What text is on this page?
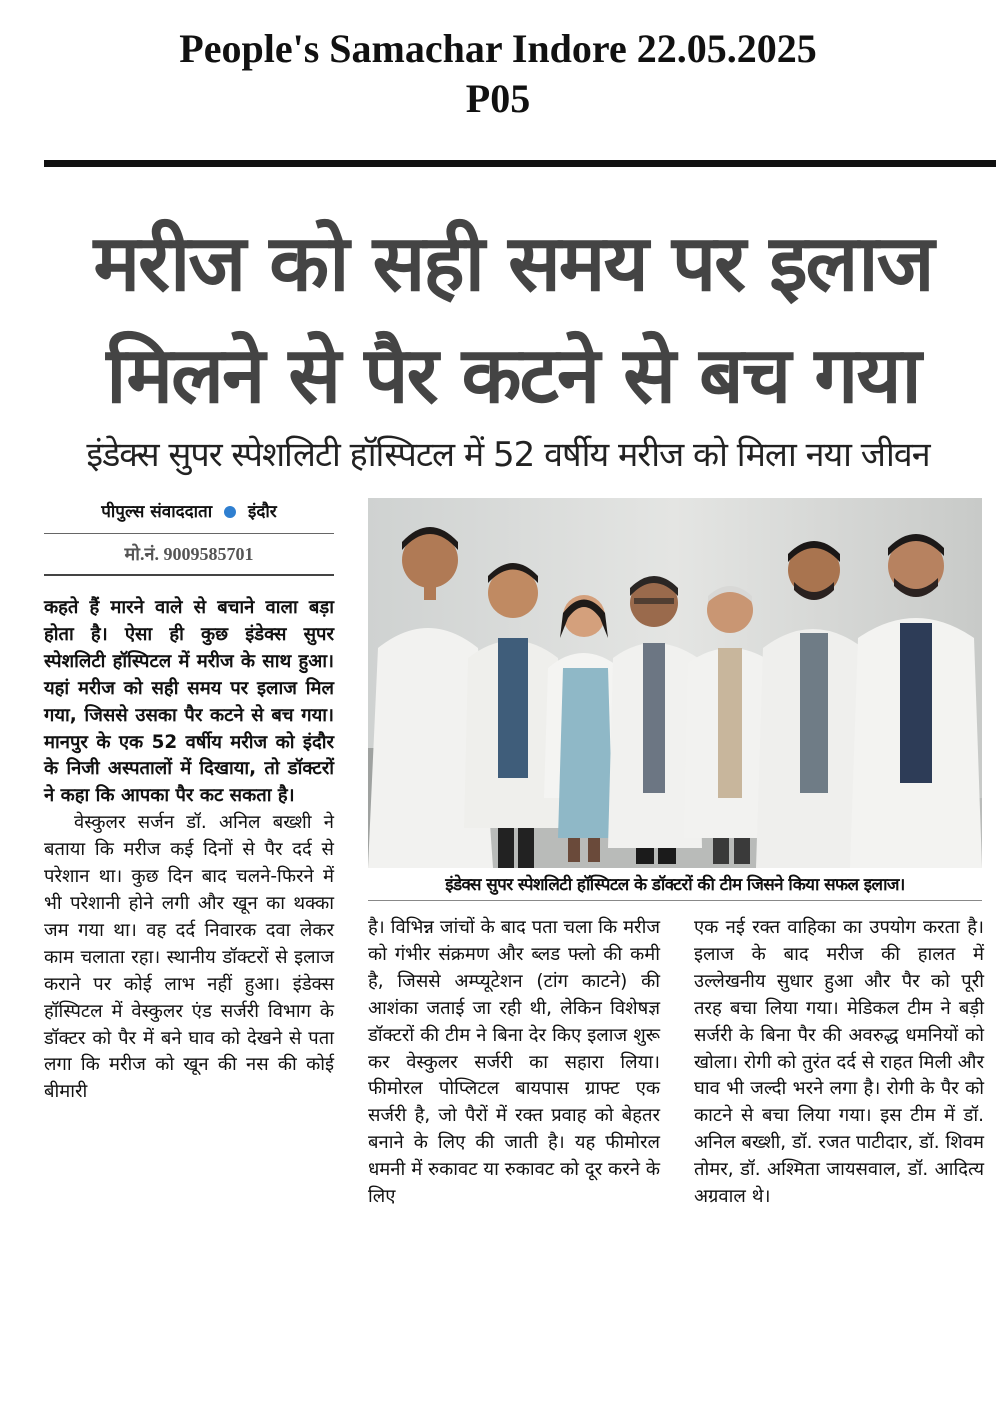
People's Samachar Indore 22.05.2025
P05
मरीज को सही समय पर इलाज
मिलने से पैर कटने से बच गया
इंडेक्स सुपर स्पेशलिटी हॉस्पिटल में 52 वर्षीय मरीज को मिला नया जीवन
पीपुल्स संवाददाता इंदौर
मो.नं. 9009585701

कहते हैं मारने वाले से बचाने वाला बड़ा होता है। ऐसा ही कुछ इंडेक्स सुपर स्पेशलिटी हॉस्पिटल में मरीज के साथ हुआ। यहां मरीज को सही समय पर इलाज मिल गया, जिससे उसका पैर कटने से बच गया। मानपुर के एक 52 वर्षीय मरीज को इंदौर के निजी अस्पतालों में दिखाया, तो डॉक्टरों ने कहा कि आपका पैर कट सकता है।

वेस्कुलर सर्जन डॉ. अनिल बख्शी ने बताया कि मरीज कई दिनों से पैर दर्द से परेशान था। कुछ दिन बाद चलने-फिरने में भी परेशानी होने लगी और खून का थक्का जम गया था। वह दर्द निवारक दवा लेकर काम चलाता रहा। स्थानीय डॉक्टरों से इलाज कराने पर कोई लाभ नहीं हुआ। इंडेक्स हॉस्पिटल में वेस्कुलर एंड सर्जरी विभाग के डॉक्टर को पैर में बने घाव को देखने से पता लगा कि मरीज को खून की नस की कोई बीमारी

इंडेक्स सुपर स्पेशलिटी हॉस्पिटल के डॉक्टरों की टीम जिसने किया सफल इलाज।

है। विभिन्न जांचों के बाद पता चला कि मरीज को गंभीर संक्रमण और ब्लड फ्लो की कमी है, जिससे अम्प्यूटेशन (टांग काटने) की आशंका जताई जा रही थी, लेकिन विशेषज्ञ डॉक्टरों की टीम ने बिना देर किए इलाज शुरू कर वेस्कुलर सर्जरी का सहारा लिया। फीमोरल पोप्लिटल बायपास ग्राफ्ट एक सर्जरी है, जो पैरों में रक्त प्रवाह को बेहतर बनाने के लिए की जाती है। यह फीमोरल धमनी में रुकावट या रुकावट को दूर करने के लिए

एक नई रक्त वाहिका का उपयोग करता है। इलाज के बाद मरीज की हालत में उल्लेखनीय सुधार हुआ और पैर को पूरी तरह बचा लिया गया। मेडिकल टीम ने बड़ी सर्जरी के बिना पैर की अवरुद्ध धमनियों को खोला। रोगी को तुरंत दर्द से राहत मिली और घाव भी जल्दी भरने लगा है। रोगी के पैर को काटने से बचा लिया गया। इस टीम में डॉ. अनिल बख्शी, डॉ. रजत पाटीदार, डॉ. शिवम तोमर, डॉ. अश्मिता जायसवाल, डॉ. आदित्य अग्रवाल थे।
